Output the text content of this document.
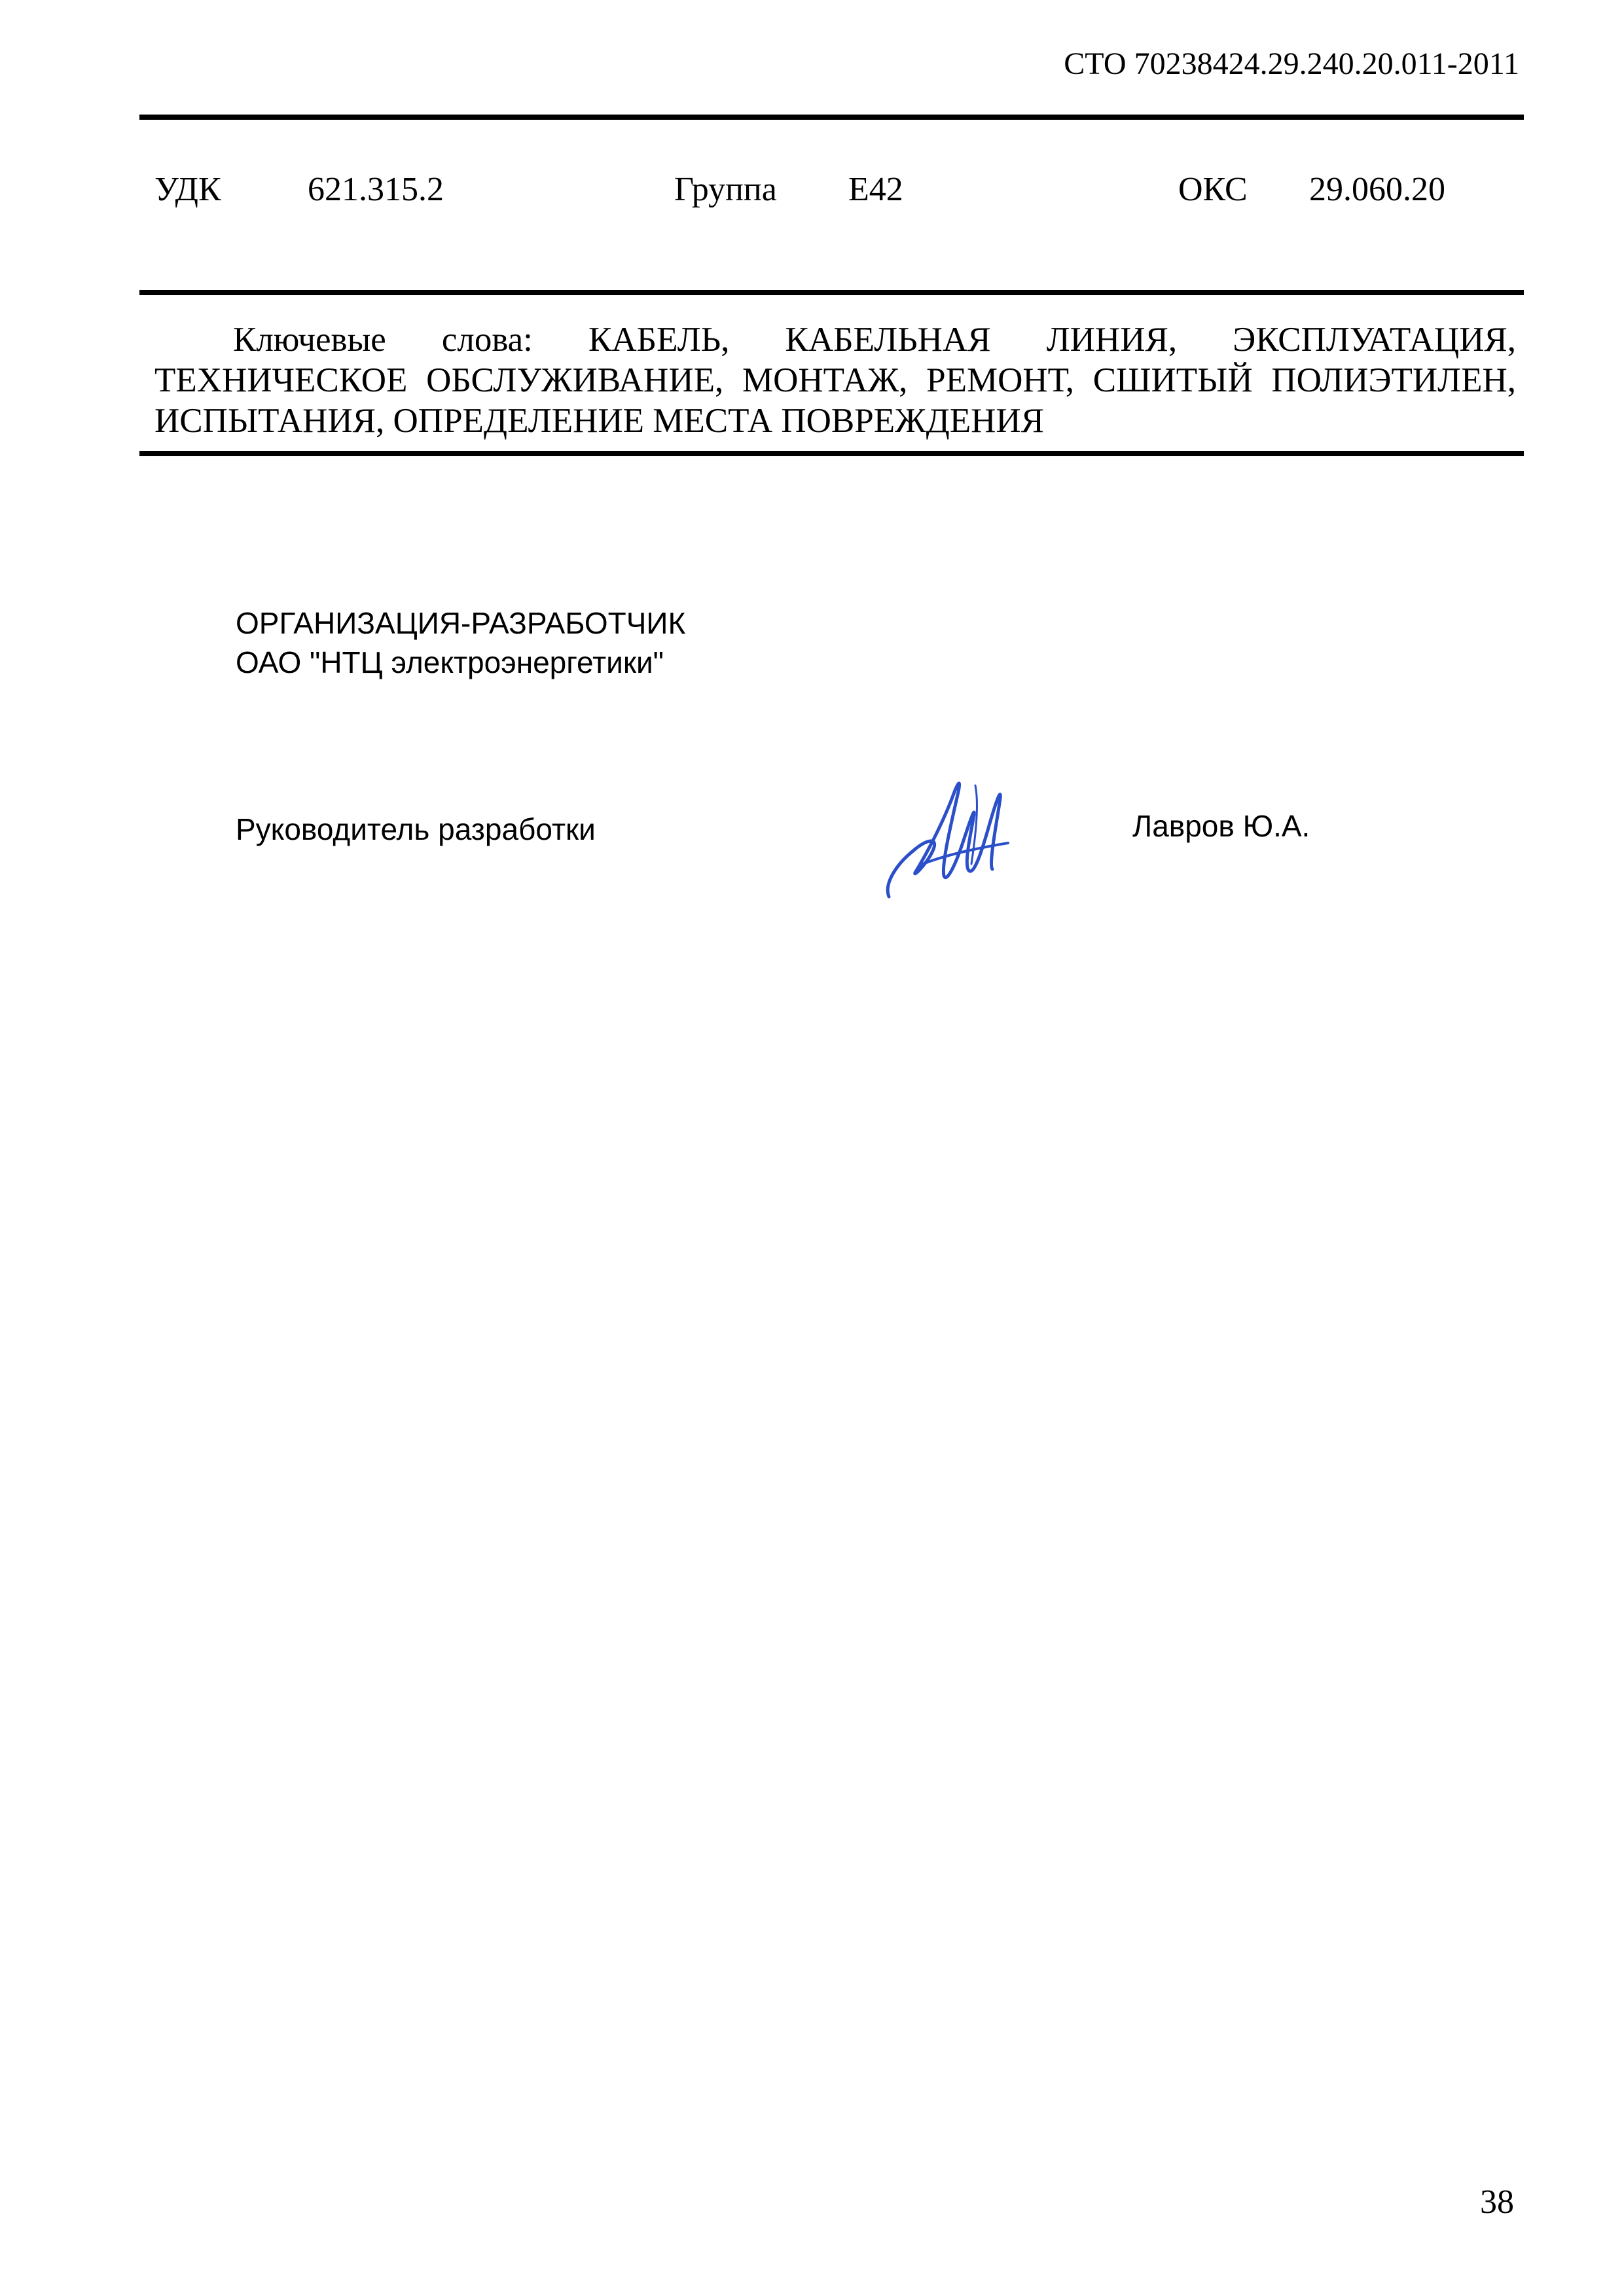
СТО 70238424.29.240.20.011-2011
УДК	621.315.2	Группа Е42	ОКС 29.060.20

Ключевые слова: КАБЕЛЬ, КАБЕЛЬНАЯ ЛИНИЯ, ЭКСПЛУАТАЦИЯ, ТЕХНИЧЕСКОЕ ОБСЛУЖИВАНИЕ, МОНТАЖ, РЕМОНТ, СШИТЫЙ ПОЛИЭТИЛЕН, ИСПЫТАНИЯ, ОПРЕДЕЛЕНИЕ МЕСТА ПОВРЕЖДЕНИЯ

ОРГАНИЗАЦИЯ-РАЗРАБОТЧИК
ОАО "НТЦ электроэнергетики"
Руководитель разработки	Лавров Ю.А.
38
